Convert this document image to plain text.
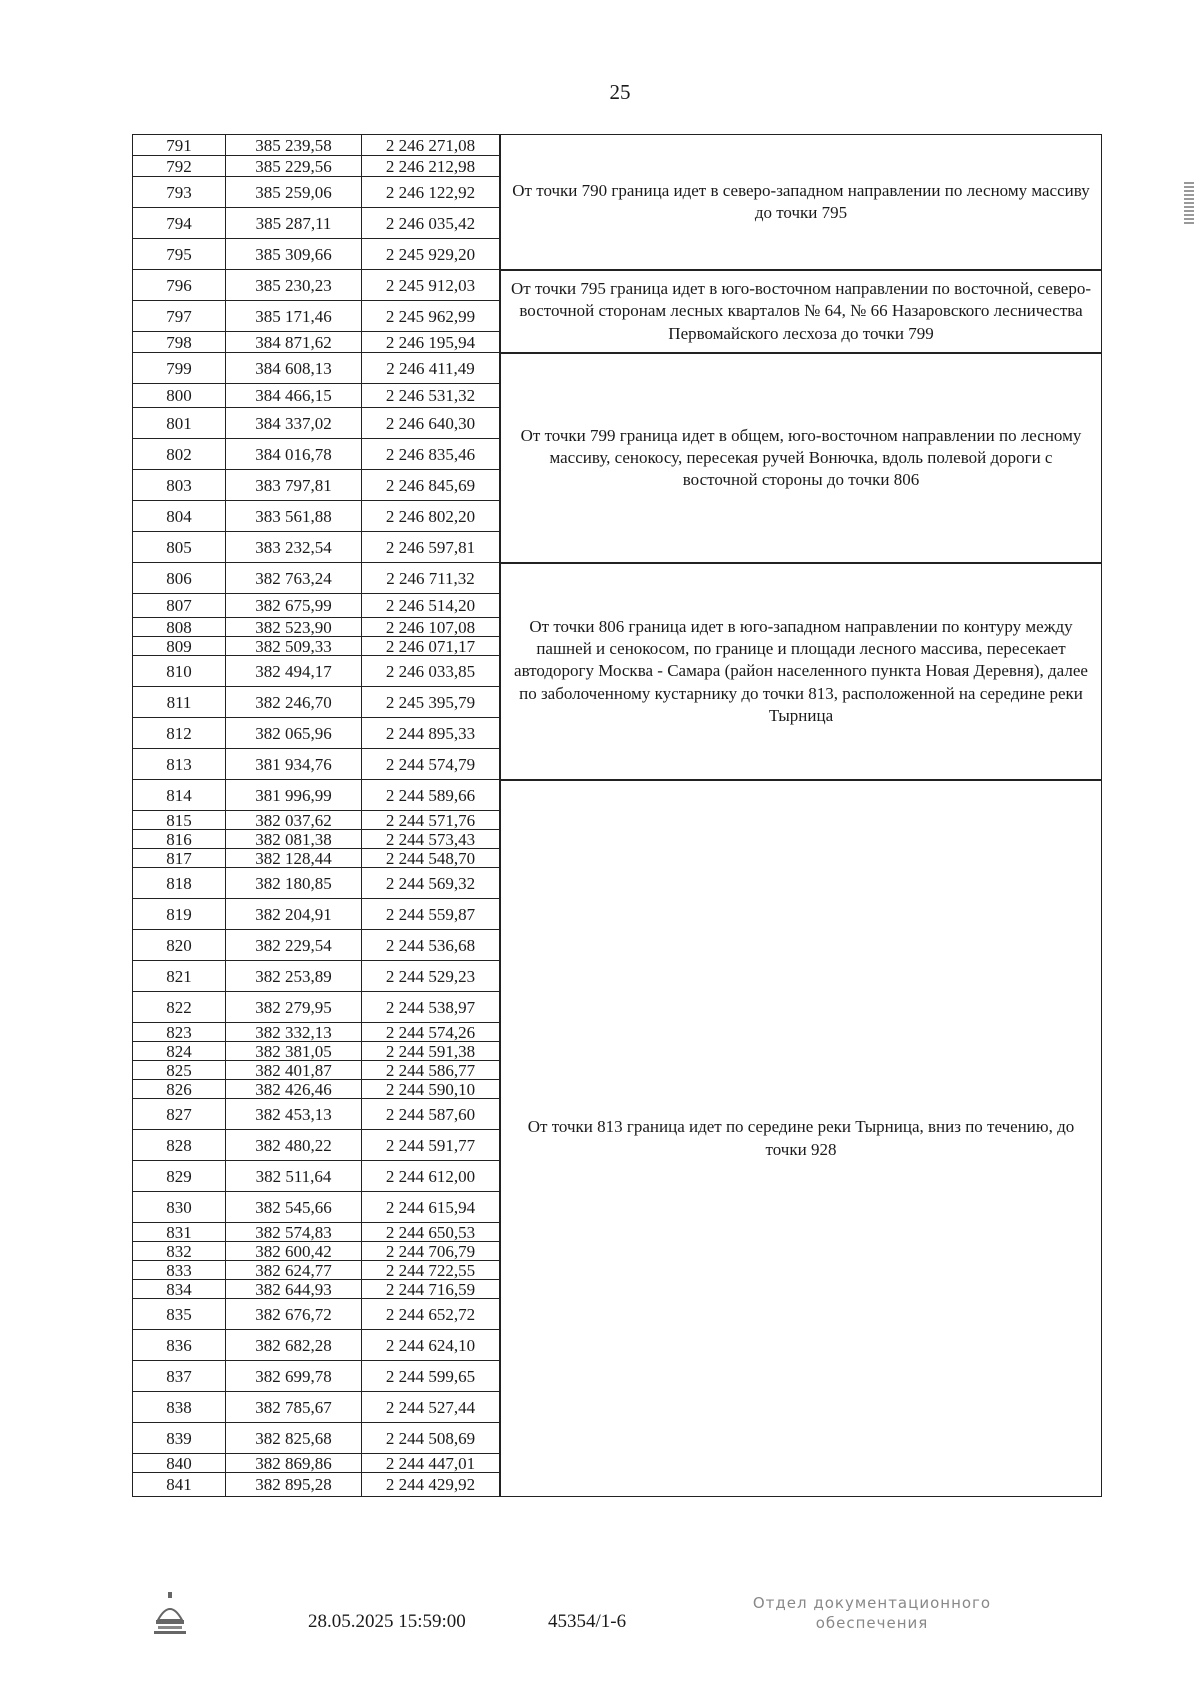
25
791
792
793
794
795
796
797
798
799
800
801
802
803
804
805
806
807
808
809
810
811
812
813
814
815
816
817
818
819
820
821
822
823
824
825
826
827
828
829
830
831
832
833
834
835
836
837
838
839
840
841
385 239,58
385 229,56
385 259,06
385 287,11
385 309,66
385 230,23
385 171,46
384 871,62
384 608,13
384 466,15
384 337,02
384 016,78
383 797,81
383 561,88
383 232,54
382 763,24
382 675,99
382 523,90
382 509,33
382 494,17
382 246,70
382 065,96
381 934,76
381 996,99
382 037,62
382 081,38
382 128,44
382 180,85
382 204,91
382 229,54
382 253,89
382 279,95
382 332,13
382 381,05
382 401,87
382 426,46
382 453,13
382 480,22
382 511,64
382 545,66
382 574,83
382 600,42
382 624,77
382 644,93
382 676,72
382 682,28
382 699,78
382 785,67
382 825,68
382 869,86
382 895,28
2 246 271,08
2 246 212,98
2 246 122,92
2 246 035,42
2 245 929,20
2 245 912,03
2 245 962,99
2 246 195,94
2 246 411,49
2 246 531,32
2 246 640,30
2 246 835,46
2 246 845,69
2 246 802,20
2 246 597,81
2 246 711,32
2 246 514,20
2 246 107,08
2 246 071,17
2 246 033,85
2 245 395,79
2 244 895,33
2 244 574,79
2 244 589,66
2 244 571,76
2 244 573,43
2 244 548,70
2 244 569,32
2 244 559,87
2 244 536,68
2 244 529,23
2 244 538,97
2 244 574,26
2 244 591,38
2 244 586,77
2 244 590,10
2 244 587,60
2 244 591,77
2 244 612,00
2 244 615,94
2 244 650,53
2 244 706,79
2 244 722,55
2 244 716,59
2 244 652,72
2 244 624,10
2 244 599,65
2 244 527,44
2 244 508,69
2 244 447,01
2 244 429,92
От точки 790 граница идет в северо-западном направлении по лесному массиву до точки 795
От точки 795 граница идет в юго-восточном направлении по восточной, северо-восточной сторонам лесных кварталов № 64, № 66 Назаровского лесничества Первомайского лесхоза до точки 799
От точки 799 граница идет в общем, юго-восточном направлении по лесному массиву, сенокосу, пересекая ручей Вонючка, вдоль полевой дороги с восточной стороны до точки 806
От точки 806 граница идет в юго-западном направлении по контуру между пашней и сенокосом, по границе и площади лесного массива, пересекает автодорогу Москва - Самара (район населенного пункта Новая Деревня), далее по заболоченному кустарнику до точки 813, расположенной на середине реки Тырница
От точки 813 граница идет по середине реки Тырница, вниз по течению, до точки 928
28.05.2025 15:59:00	45354/1-6
Отдел документационного
обеспечения
